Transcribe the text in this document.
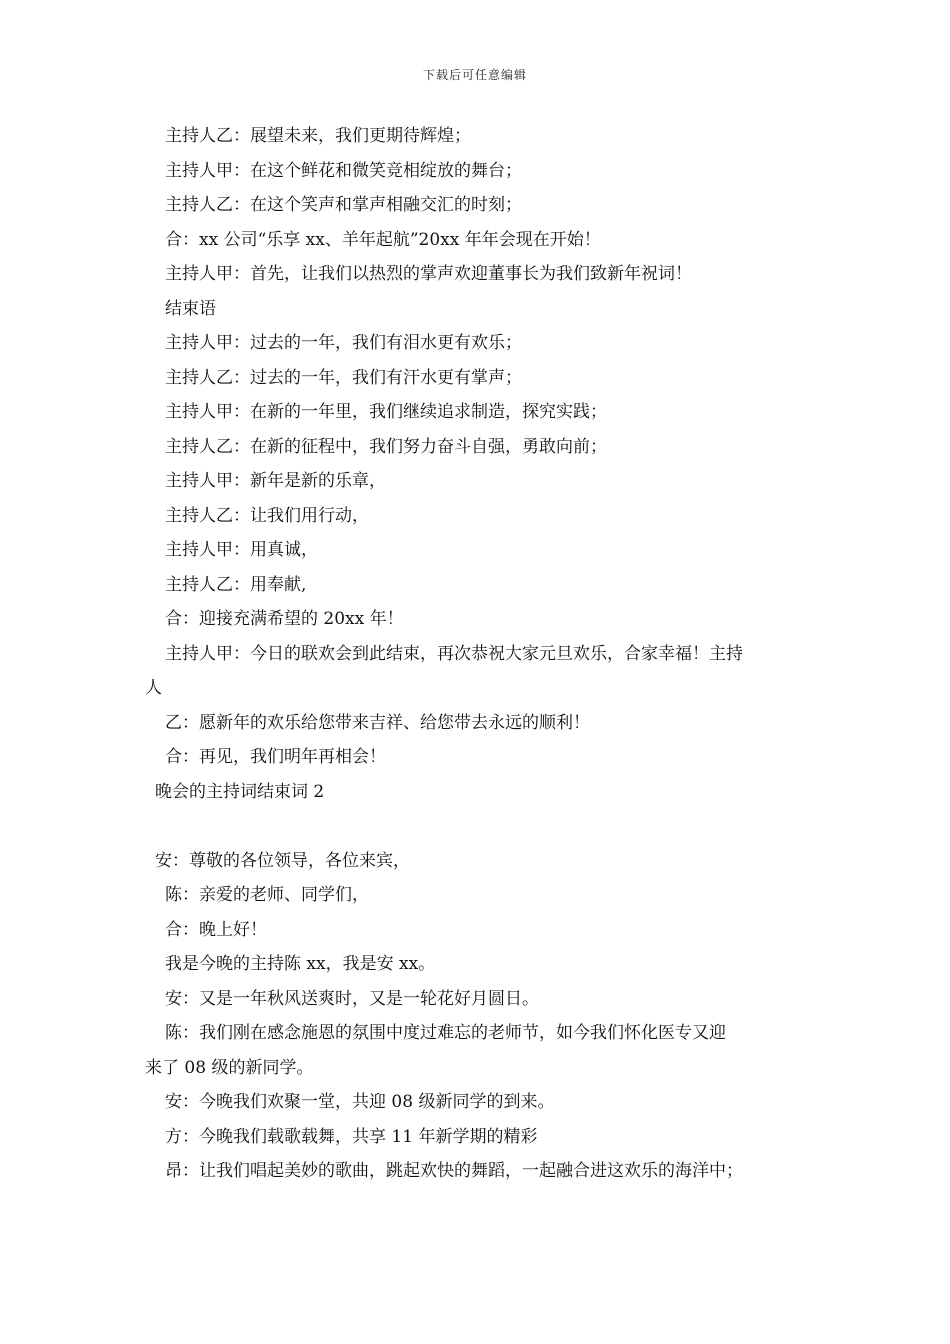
下载后可任意编辑
主持人乙：展望未来，我们更期待辉煌；
主持人甲：在这个鲜花和微笑竞相绽放的舞台；
主持人乙：在这个笑声和掌声相融交汇的时刻；
合：xx 公司“乐享 xx、羊年起航”20xx 年年会现在开始！
主持人甲：首先，让我们以热烈的掌声欢迎董事长为我们致新年祝词！
结束语
主持人甲：过去的一年，我们有泪水更有欢乐；
主持人乙：过去的一年，我们有汗水更有掌声；
主持人甲：在新的一年里，我们继续追求制造，探究实践；
主持人乙：在新的征程中，我们努力奋斗自强，勇敢向前；
主持人甲：新年是新的乐章，
主持人乙：让我们用行动，
主持人甲：用真诚，
主持人乙：用奉献,
合：迎接充满希望的 20xx 年！
主持人甲：今日的联欢会到此结束，再次恭祝大家元旦欢乐，合家幸福！主持
人
乙：愿新年的欢乐给您带来吉祥、给您带去永远的顺利！
合：再见，我们明年再相会！
晚会的主持词结束词 2
安：尊敬的各位领导，各位来宾，
陈：亲爱的老师、同学们，
合：晚上好！
我是今晚的主持陈 xx，我是安 xx。
安：又是一年秋风送爽时，又是一轮花好月圆日。
陈：我们刚在感念施恩的氛围中度过难忘的老师节，如今我们怀化医专又迎
来了 08 级的新同学。
安：今晚我们欢聚一堂，共迎 08 级新同学的到来。
方：今晚我们载歌载舞，共享 11 年新学期的精彩
昂：让我们唱起美妙的歌曲，跳起欢快的舞蹈，一起融合进这欢乐的海洋中；
